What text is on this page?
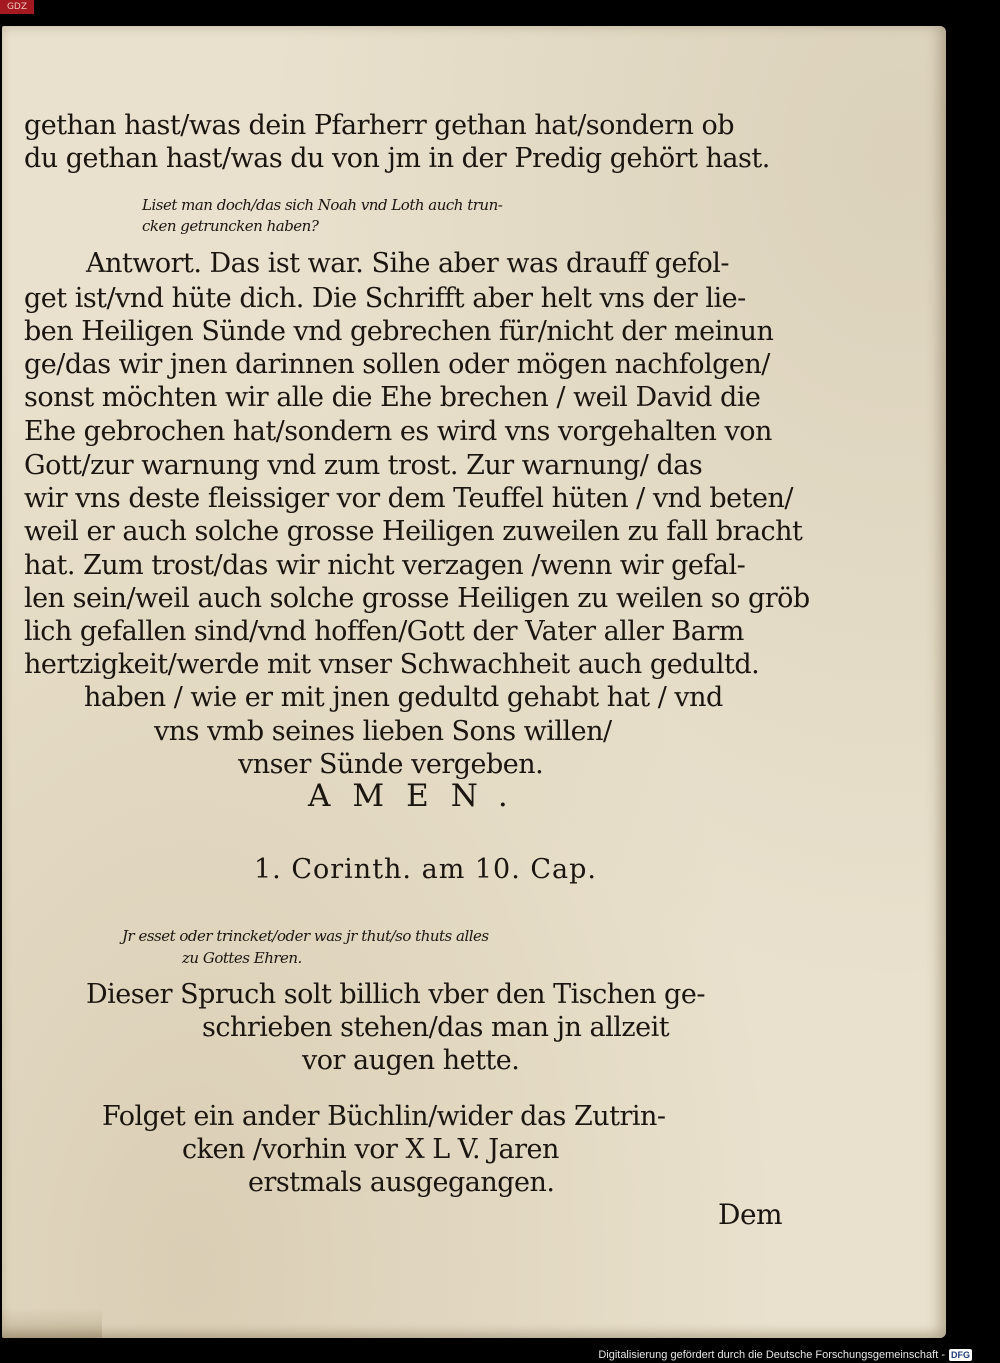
GDZ
gethan hast/was dein Pfarherr gethan hat/sondern ob
du gethan hast/was du von jm in der Predig gehört hast.
Liset man doch/das sich Noah vnd Loth auch trun-
cken getruncken haben?
Antwort. Das ist war. Sihe aber was drauff gefol-
get ist/vnd hüte dich. Die Schrifft aber helt vns der lie-
ben Heiligen Sünde vnd gebrechen für/nicht der meinun
ge/das wir jnen darinnen sollen oder mögen nachfolgen/
sonst möchten wir alle die Ehe brechen / weil David die
Ehe gebrochen hat/sondern es wird vns vorgehalten von
Gott/zur warnung vnd zum trost. Zur warnung/ das
wir vns deste fleissiger vor dem Teuffel hüten / vnd beten/
weil er auch solche grosse Heiligen zuweilen zu fall bracht
hat. Zum trost/das wir nicht verzagen /wenn wir gefal-
len sein/weil auch solche grosse Heiligen zu weilen so gröb
lich gefallen sind/vnd hoffen/Gott der Vater aller Barm
hertzigkeit/werde mit vnser Schwachheit auch gedultd.
haben / wie er mit jnen gedultd gehabt hat / vnd
vns vmb seines lieben Sons willen/
vnser Sünde vergeben.
AMEN.
1. Corinth. am 10. Cap.
Jr esset oder trincket/oder was jr thut/so thuts alles
zu Gottes Ehren.
Dieser Spruch solt billich vber den Tischen ge-
schrieben stehen/das man jn allzeit
vor augen hette.
Folget ein ander Büchlin/wider das Zutrin-
cken /vorhin vor X L V. Jaren
erstmals ausgegangen.
Dem
Digitalisierung gefördert durch die Deutsche Forschungsgemeinschaft - DFG
